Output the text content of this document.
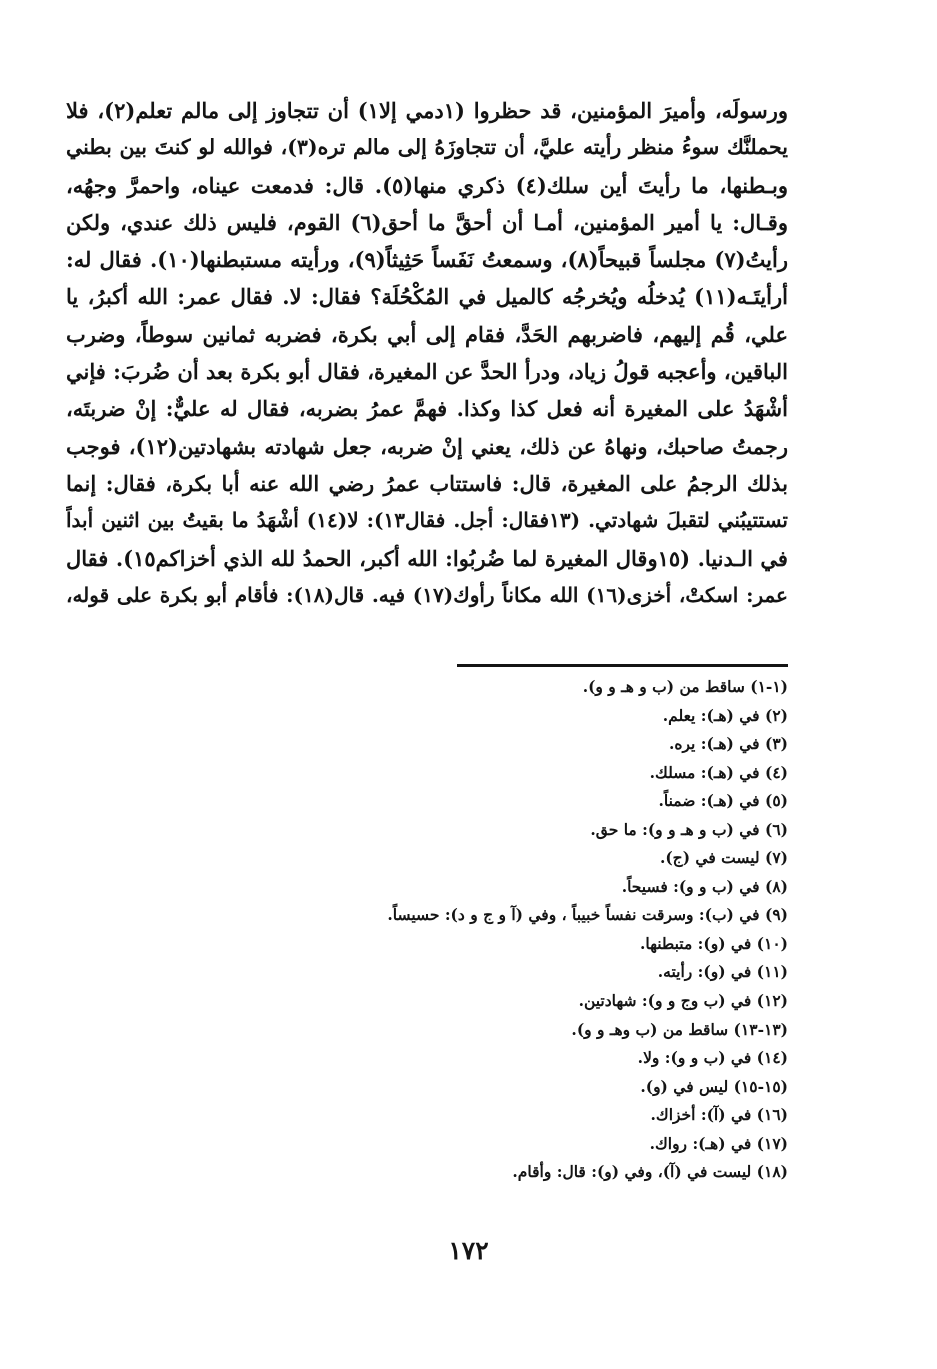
ورسولَه، وأميرَ المؤمنين، قد حظروا (١دمي إلا١) أن تتجاوز إلى مالم تعلم(٢)، فلا
يحملنَّك سوءُ منظر رأيته عليَّ، أن تتجاوزَهُ إلى مالم تره(٣)، فوالله لو كنتَ بين بطني
وبـطنها، ما رأيتَ أين سلك(٤) ذكري منها(٥). قال: فدمعت عيناه، واحمرَّ وجهُه،
وقـال: يا أمير المؤمنين، أمـا أن أحقَّ ما أحق(٦) القوم، فليس ذلك عندي، ولكن
رأيتُ(٧) مجلساً قبيحاً(٨)، وسمعتُ نَفَساً حَثِيثاً(٩)، ورأيته مستبطنها(١٠). فقال له:
أرأيتَـه(١١) يُدخلُه ويُخرجُه كالميل في المُكْحُلَة؟ فقال: لا. فقال عمر: الله أكبرُ، يا
علي، قُم إليهم، فاضربهم الحَدَّ، فقام إلى أبي بكرة، فضربه ثمانين سوطاً، وضرب
الباقين، وأعجبه قولُ زياد، ودرأ الحدَّ عن المغيرة، فقال أبو بكرة بعد أن ضُربَ: فإني
أشْهَدُ على المغيرة أنه فعل كذا وكذا. فهمَّ عمرُ بضربه، فقال له عليٌّ: إنْ ضربتَه،
رجمتُ صاحبك، ونهاهُ عن ذلك، يعني إنْ ضربه، جعل شهادته بشهادتين(١٢)، فوجب
بذلك الرجمُ على المغيرة، قال: فاستتاب عمرُ رضي الله عنه أبا بكرة، فقال: إنما
تستتيبُني لتقبلَ شهادتي. (١٣فقال: أجل. فقال١٣): لا(١٤) أشْهَدُ ما بقيتُ بين اثنين أبداً
في الـدنيا. (١٥وقال المغيرة لما ضُربُوا: الله أكبر، الحمدُ لله الذي أخزاكم١٥). فقال
عمر: اسكتْ، أخزى(١٦) الله مكاناً رأوك(١٧) فيه. قال(١٨): فأقام أبو بكرة على قوله،
(١-١) ساقط من (ب و هـ و و).
(٢) في (هـ): يعلم.
(٣) في (هـ): يره.
(٤) في (هـ): مسلك.
(٥) في (هـ): ضمناً.
(٦) في (ب و هـ و و): ما حق.
(٧) ليست في (ج).
(٨) في (ب و و): فسيحاً.
(٩) في (ب): وسرقت نفساً خبيباً ، وفي (آ و ج و د): حسيساً.
(١٠) في (و): متبطنها.
(١١) في (و): رأيته.
(١٢) في (ب وج و و): شهادتين.
(١٣-١٣) ساقط من (ب وهـ و و).
(١٤) في (ب و و): ولا.
(١٥-١٥) ليس في (و).
(١٦) في (آ): أخزاك.
(١٧) في (هـ): رواك.
(١٨) ليست في (آ)، وفي (و): قال: وأقام.
١٧٢
